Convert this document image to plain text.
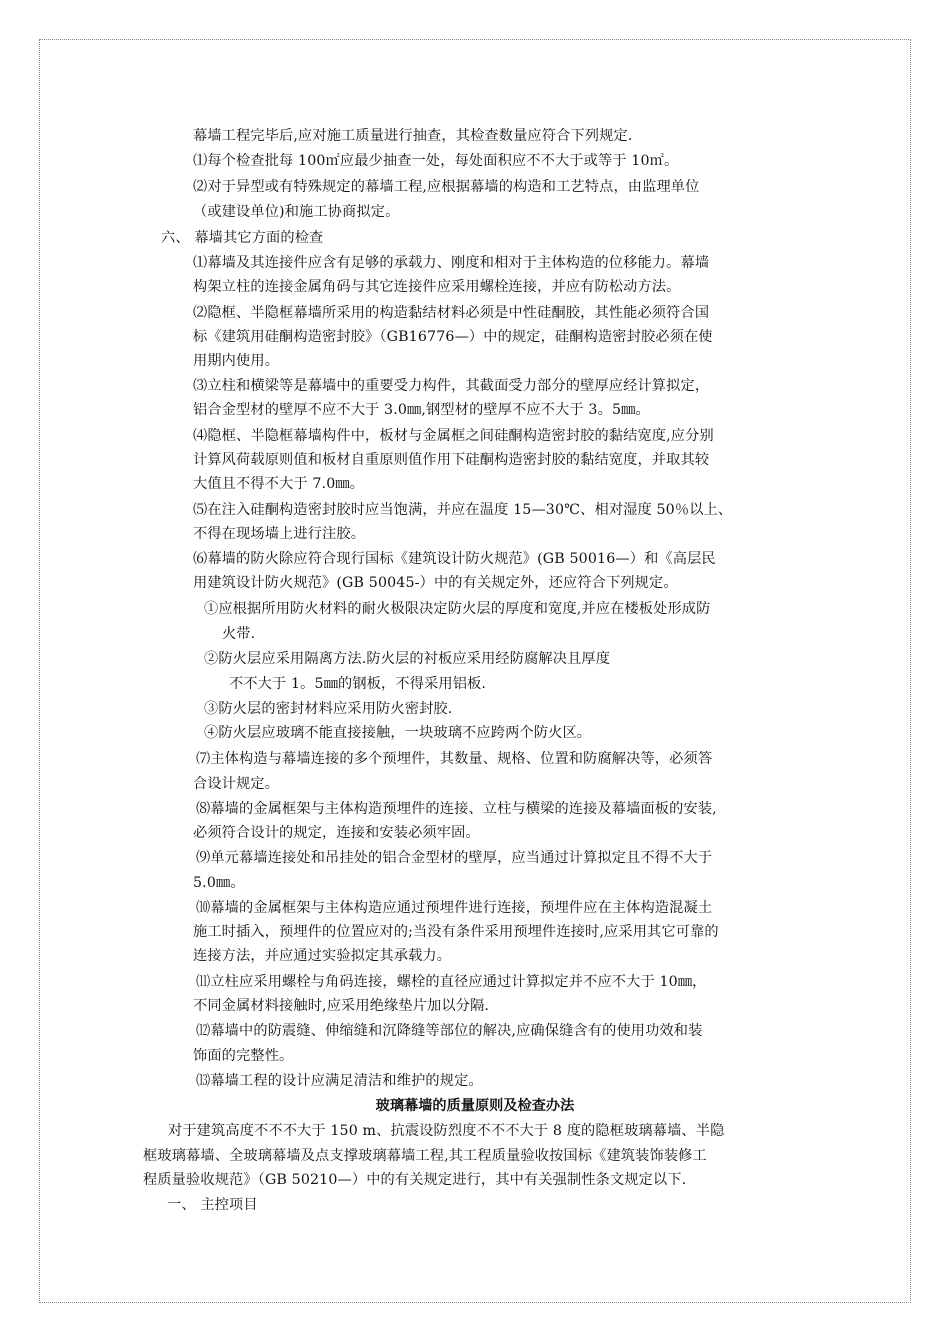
幕墙工程完毕后,应对施工质量进行抽查，其检查数量应符合下列规定.
⑴每个检查批每 100㎡应最少抽查一处，每处面积应不不大于或等于 10㎡。
⑵对于异型或有特殊规定的幕墙工程,应根据幕墙的构造和工艺特点，由监理单位
（或建设单位)和施工协商拟定。
六、 幕墙其它方面的检查
⑴幕墙及其连接件应含有足够的承载力、刚度和相对于主体构造的位移能力。幕墙
构架立柱的连接金属角码与其它连接件应采用螺栓连接，并应有防松动方法。
⑵隐框、半隐框幕墙所采用的构造黏结材料必须是中性硅酮胶，其性能必须符合国
标《建筑用硅酮构造密封胶》（GB16776—）中的规定，硅酮构造密封胶必须在使
用期内使用。
⑶立柱和横梁等是幕墙中的重要受力构件，其截面受力部分的壁厚应经计算拟定，
铝合金型材的壁厚不应不大于 3.0㎜,钢型材的壁厚不应不大于 3。5㎜。
⑷隐框、半隐框幕墙构件中，板材与金属框之间硅酮构造密封胶的黏结宽度,应分别
计算风荷载原则值和板材自重原则值作用下硅酮构造密封胶的黏结宽度，并取其较
大值且不得不大于 7.0㎜。
⑸在注入硅酮构造密封胶时应当饱满，并应在温度 15—30℃、相对湿度 50％以上、
不得在现场墙上进行注胶。
⑹幕墙的防火除应符合现行国标《建筑设计防火规范》(GB 50016—）和《高层民
用建筑设计防火规范》(GB 50045-）中的有关规定外，还应符合下列规定。
①应根据所用防火材料的耐火极限决定防火层的厚度和宽度,并应在楼板处形成防
火带.
②防火层应采用隔离方法.防火层的衬板应采用经防腐解决且厚度
不不大于 1。5㎜的钢板，不得采用铝板.
③防火层的密封材料应采用防火密封胶.
④防火层应玻璃不能直接接触，一块玻璃不应跨两个防火区。
⑺主体构造与幕墙连接的多个预埋件，其数量、规格、位置和防腐解决等，必须答
合设计规定。
⑻幕墙的金属框架与主体构造预埋件的连接、立柱与横梁的连接及幕墙面板的安装,
必须符合设计的规定，连接和安装必须牢固。
⑼单元幕墙连接处和吊挂处的铝合金型材的壁厚，应当通过计算拟定且不得不大于
5.0㎜。
⑽幕墙的金属框架与主体构造应通过预埋件进行连接，预埋件应在主体构造混凝土
施工时插入，预埋件的位置应对的;当没有条件采用预埋件连接时,应采用其它可靠的
连接方法，并应通过实验拟定其承载力。
⑾立柱应采用螺栓与角码连接，螺栓的直径应通过计算拟定并不应不大于 10㎜，
不同金属材料接触时,应采用绝缘垫片加以分隔.
⑿幕墙中的防震缝、伸缩缝和沉降缝等部位的解决,应确保缝含有的使用功效和装
饰面的完整性。
⒀幕墙工程的设计应满足清洁和维护的规定。
玻璃幕墙的质量原则及检查办法
对于建筑高度不不不大于 150 m、抗震设防烈度不不不大于 8 度的隐框玻璃幕墙、半隐
框玻璃幕墙、全玻璃幕墙及点支撑玻璃幕墙工程,其工程质量验收按国标《建筑装饰装修工
程质量验收规范》（GB 50210—）中的有关规定进行，其中有关强制性条文规定以下.
一、 主控项目
